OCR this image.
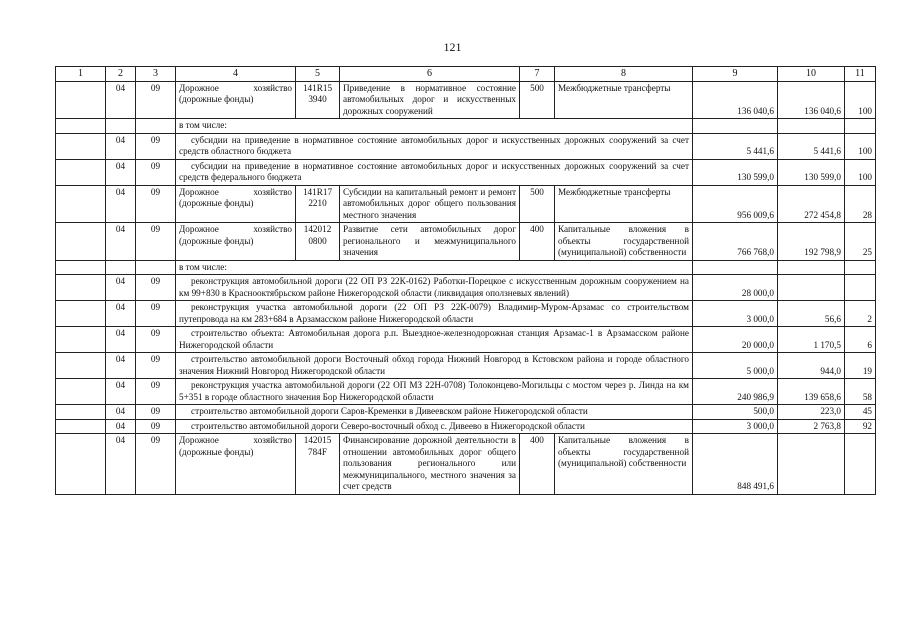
121
1	2	3	4	5	6	7	8	9	10	11
	04	09	Дорожное хозяйство (дорожные фонды)	141R15 3940	Приведение в нормативное состояние автомобильных дорог и искусственных дорожных сооружений	500	Межбюджетные трансферты	136 040,6	136 040,6	100
			в том числе:							
	04	09	субсидии на приведение в нормативное состояние автомобильных дорог и искусственных дорожных сооружений за счет средств областного бюджета					5 441,6	5 441,6	100
	04	09	субсидии на приведение в нормативное состояние автомобильных дорог и искусственных дорожных сооружений за счет средств федерального бюджета					130 599,0	130 599,0	100
	04	09	Дорожное хозяйство (дорожные фонды)	141R17 2210	Субсидии на капитальный ремонт и ремонт автомобильных дорог общего пользования местного значения	500	Межбюджетные трансферты	956 009,6	272 454,8	28
	04	09	Дорожное хозяйство (дорожные фонды)	142012 0800	Развитие сети автомобильных дорог регионального и межмуниципального значения	400	Капитальные вложения в объекты государственной (муниципальной) собственности	766 768,0	192 798,9	25
			в том числе:							
	04	09	реконструкция автомобильной дороги (22 ОП РЗ 22К-0162) Работки-Порецкое с искусственным дорожным сооружением на км 99+830 в Краснооктябрьском районе Нижегородской области (ликвидация оползневых явлений)					28 000,0		
	04	09	реконструкция участка автомобильной дороги (22 ОП РЗ 22К-0079) Владимир-Муром-Арзамас со строительством путепровода на км 283+684 в Арзамасском районе Нижегородской области					3 000,0	56,6	2
	04	09	строительство объекта: Автомобильная дорога р.п. Выездное-железнодорожная станция Арзамас-1 в Арзамасском районе Нижегородской области					20 000,0	1 170,5	6
	04	09	строительство автомобильной дороги Восточный обход города Нижний Новгород в Кстовском района и городе областного значения Нижний Новгород Нижегородской области					5 000,0	944,0	19
	04	09	реконструкция участка автомобильной дороги (22 ОП МЗ 22Н-0708) Толоконцево-Могильцы с мостом через р. Линда на км 5+351 в городе областного значения Бор Нижегородской области					240 986,9	139 658,6	58
	04	09	строительство автомобильной дороги Саров-Кременки в Дивеевском районе Нижегородской области					500,0	223,0	45
	04	09	строительство автомобильной дороги Северо-восточный обход с. Дивеево в Нижегородской области					3 000,0	2 763,8	92
	04	09	Дорожное хозяйство (дорожные фонды)	142015 784F	Финансирование дорожной деятельности в отношении автомобильных дорог общего пользования регионального или межмуниципального, местного значения за счет средств	400	Капитальные вложения в объекты государственной (муниципальной) собственности	848 491,6		
